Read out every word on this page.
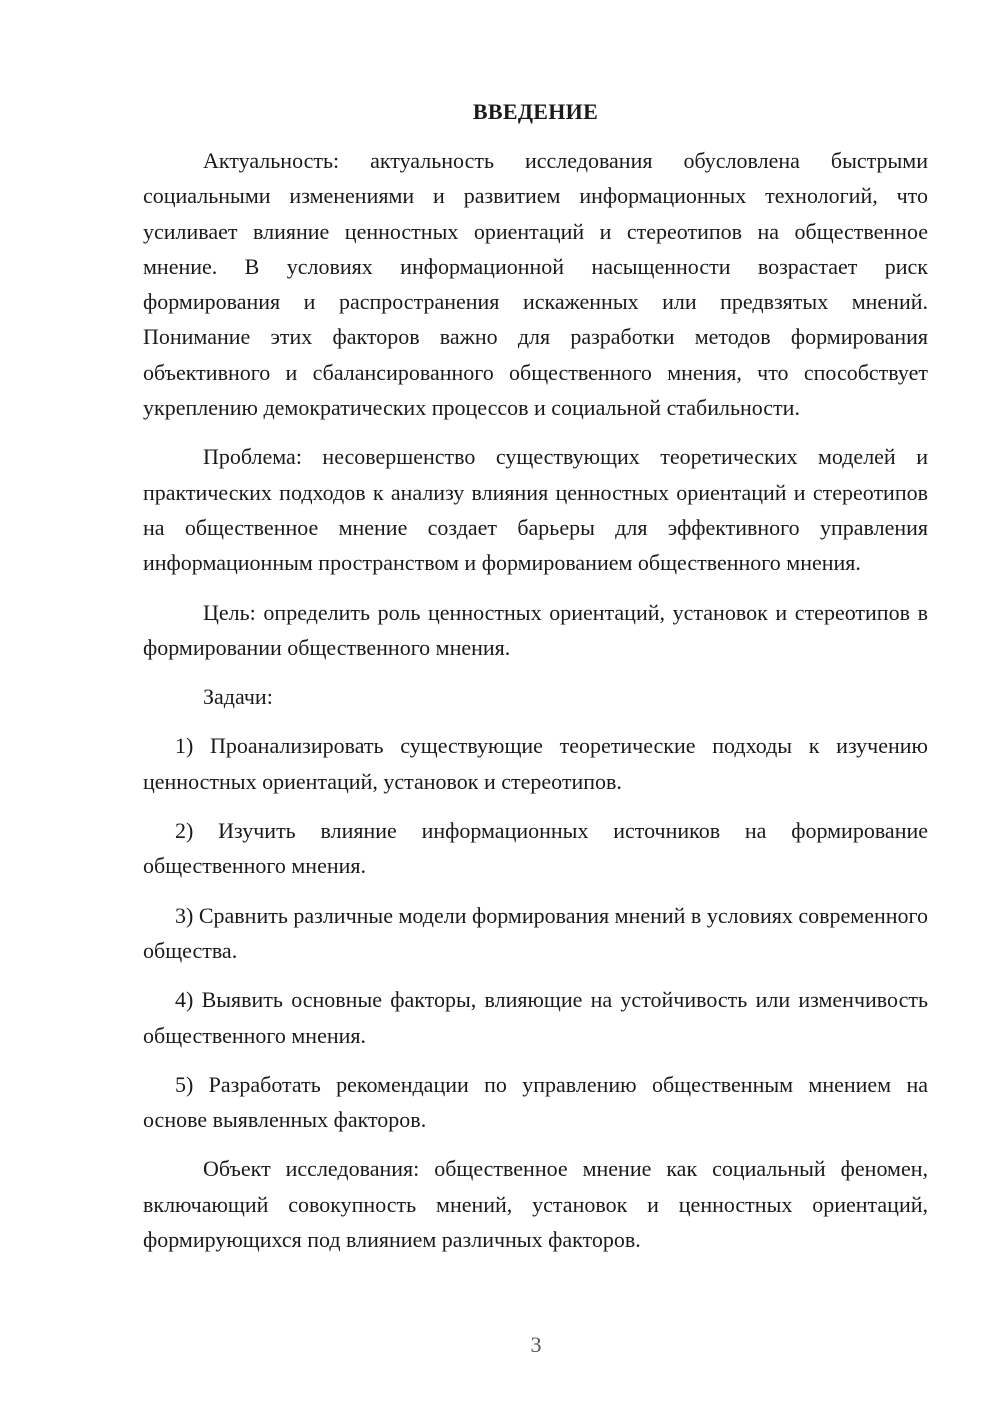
ВВЕДЕНИЕ

Актуальность: актуальность исследования обусловлена быстрыми социальными изменениями и развитием информационных технологий, что усиливает влияние ценностных ориентаций и стереотипов на общественное мнение. В условиях информационной насыщенности возрастает риск формирования и распространения искаженных или предвзятых мнений. Понимание этих факторов важно для разработки методов формирования объективного и сбалансированного общественного мнения, что способствует укреплению демократических процессов и социальной стабильности.

Проблема: несовершенство существующих теоретических моделей и практических подходов к анализу влияния ценностных ориентаций и стереотипов на общественное мнение создает барьеры для эффективного управления информационным пространством и формированием общественного мнения.

Цель: определить роль ценностных ориентаций, установок и стереотипов в формировании общественного мнения.

Задачи:

1) Проанализировать существующие теоретические подходы к изучению ценностных ориентаций, установок и стереотипов.

2) Изучить влияние информационных источников на формирование общественного мнения.

3) Сравнить различные модели формирования мнений в условиях современного общества.

4) Выявить основные факторы, влияющие на устойчивость или изменчивость общественного мнения.

5) Разработать рекомендации по управлению общественным мнением на основе выявленных факторов.

Объект исследования: общественное мнение как социальный феномен, включающий совокупность мнений, установок и ценностных ориентаций, формирующихся под влиянием различных факторов.

3
